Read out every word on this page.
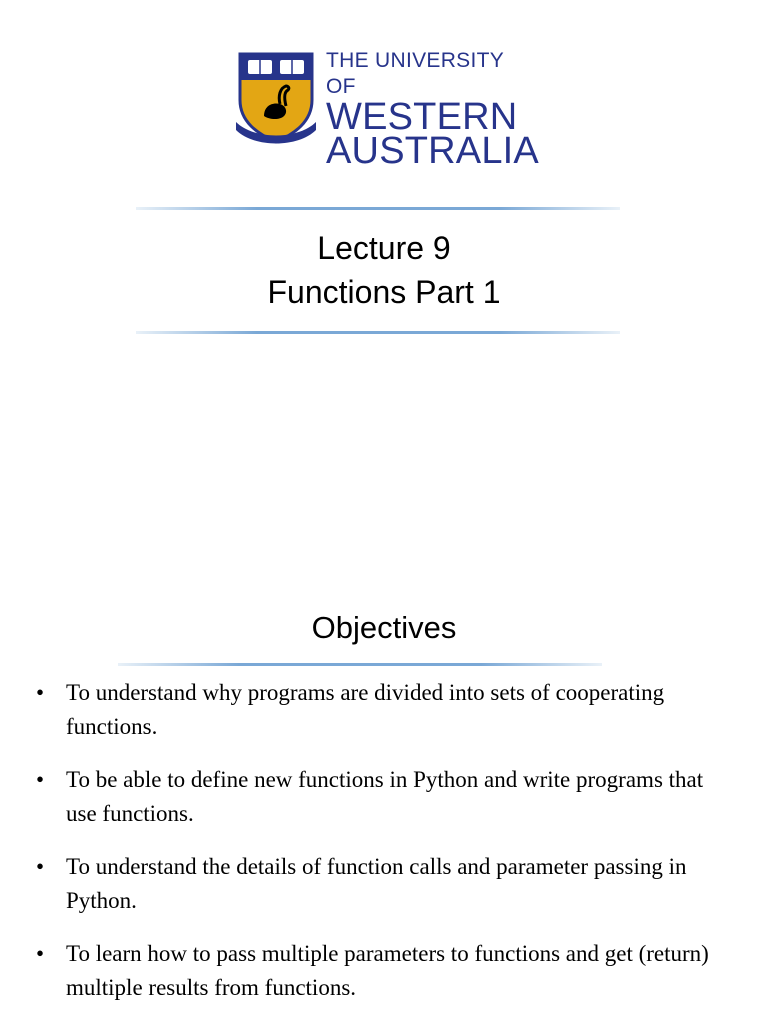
THE UNIVERSITY OF
WESTERN
AUSTRALIA
Lecture 9
Functions Part 1
Objectives
• To understand why programs are divided into sets of cooperating functions.
• To be able to define new functions in Python and write programs that use functions.
• To understand the details of function calls and parameter passing in Python.
• To learn how to pass multiple parameters to functions and get (return) multiple results from functions.
